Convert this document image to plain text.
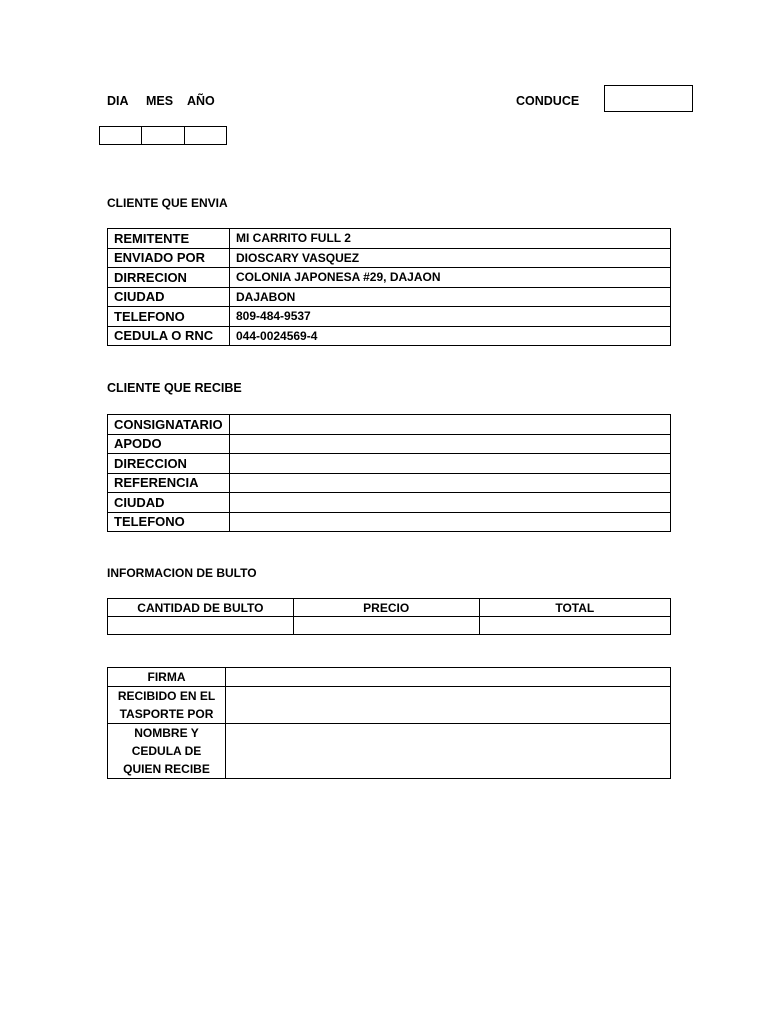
DIA MES AÑO	CONDUCE
CLIENTE QUE ENVIA
REMITENTE	MI CARRITO FULL 2
ENVIADO POR	DIOSCARY VASQUEZ
DIRRECION	COLONIA JAPONESA #29, DAJAON
CIUDAD	DAJABON
TELEFONO	809-484-9537
CEDULA O RNC	044-0024569-4
CLIENTE QUE RECIBE
CONSIGNATARIO	
APODO	
DIRECCION	
REFERENCIA	
CIUDAD	
TELEFONO	
INFORMACION DE BULTO
CANTIDAD DE BULTO	PRECIO	TOTAL

FIRMA	
RECIBIDO EN EL TASPORTE POR	
NOMBRE Y CEDULA DE QUIEN RECIBE	
